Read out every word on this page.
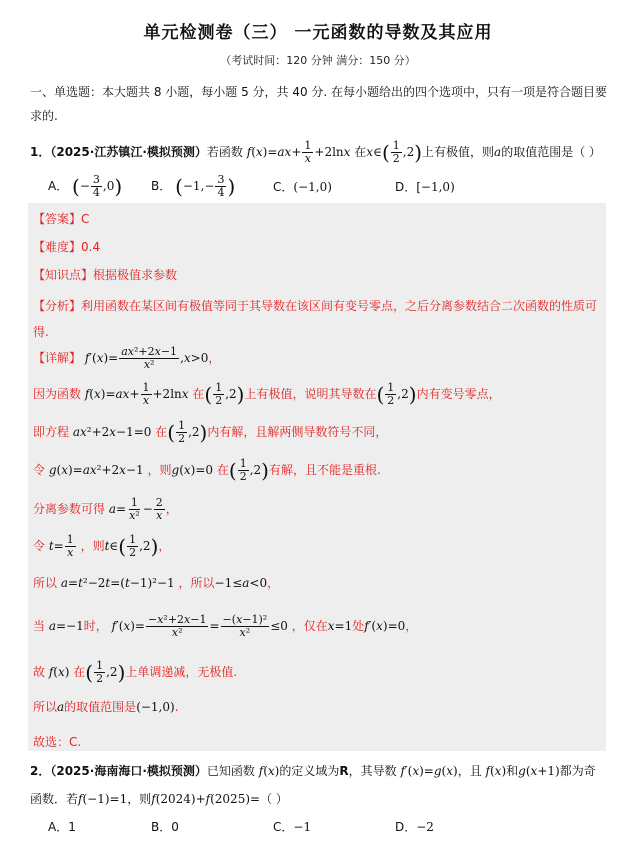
单元检测卷（三） 一元函数的导数及其应用
（考试时间：120 分钟 满分：150 分）
一、单选题：本大题共 8 小题，每小题 5 分，共 40 分. 在每小题给出的四个选项中，只有一项是符合题目要求的.
1．（2025·江苏镇江·模拟预测）若函数 $f(x)=ax+ \frac{1}{x} +2\ln x$ 在x∈( $\frac{1}{2} ,2$)上有极值，则a的取值范围是（ ）
A． (− $\frac{3}{4} ,0$) B． ($-1,- \frac{3}{4}$ )	C．(−1,0)	D．[−1,0)
【答案】C
【难度】0.4
【知识点】根据极值求参数
【分析】利用函数在某区间有极值等同于其导数在该区间有变号零点，之后分离参数结合二次函数的性质可得.
【详解】 $f'(x)= \frac{\text{ax²+2x−1}}{\text{x²}} ,x>0$，
因为函数 $f(x)=ax+ \frac{1}{x} +2\ln x$ 在( $\frac{1}{2} ,2$)上有极值，说明其导数在( $\frac{1}{2} ,2$)内有变号零点，
即方程 ax²+2x−1=0 在( $\frac{1}{2} ,2$)内有解，且解两侧导数符号不同，
令 g(x)=ax²+2x−1 ，则g(x)=0 在( $\frac{1}{2} ,2$)有解，且不能是重根.
分离参数可得 $a= \frac{1}{\text{x²}} - \frac{2}{x}$ ，
令 $t= \frac{1}{x}$ ，则t∈( $\frac{1}{2} ,2$)，
所以 a=t²−2t=(t−1)²−1 ，所以−1≤a<0，
当 a=−1时， $f'(x)= \frac{\text{−x²+2x−1}}{\text{x²}} = \frac{\text{−(x−1)²}}{\text{x²}} \le 0$ ，仅在x=1处f′(x)=0，
故 f(x) 在( $\frac{1}{2} ,2$)上单调递减，无极值.
所以a的取值范围是(−1,0).
故选：C.
2．（2025·海南海口·模拟预测）已知函数 f(x)的定义域为R，其导数 f′(x)=g(x)，且 f(x)和g(x+1)都为奇
函数．若f(−1)=1，则f(2024)+f(2025)=（ ）
A．1	B．0	C．−1	D．−2
